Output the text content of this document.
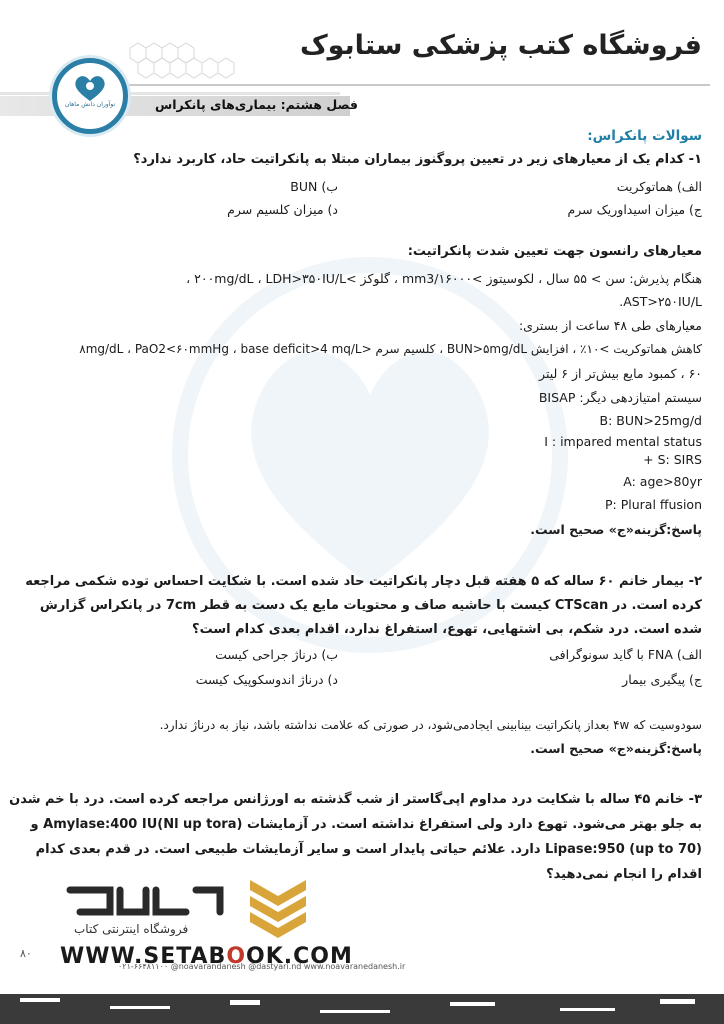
فروشگاه کتب پزشکی ستابوک
فصل هشتم: بیماری‌های پانکراس
نوآوران دانش ماهان
سوالات پانکراس:
۱- کدام یک از معیارهای زیر در تعیین پروگنوز بیماران مبتلا به پانکراتیت حاد، کاربرد ندارد؟
الف) هماتوکریت
ب) BUN
ج) میزان اسیداوریک سرم
د) میزان کلسیم سرم
معیارهای رانسون جهت تعیین شدت پانکراتیت:
هنگام پذیرش: سن > ۵۵ سال ، لکوسیتوز >۱۶۰۰۰/mm3 ، گلوکز >۲۰۰mg/dL ، LDH>۳۵۰IU/L ،
AST>۲۵۰IU/L.
معیارهای طی ۴۸ ساعت از بستری:
کاهش هماتوکریت >۱۰٪ ، افزایش BUN>۵mg/dL ، کلسیم سرم <۸mg/dL ، PaO2<۶۰mmHg ، base deficit>4 mq/L
۶۰ ، کمبود مایع بیش‌تر از ۶ لیتر
سیستم امتیازدهی دیگر: BISAP
B: BUN>25mg/d
I : impared mental status
S: SIRS +
A: age>80yr
P: Plural ffusion
پاسخ:گزینه«ج» صحیح است.
۲- بیمار خانم ۶۰ ساله که ۵ هفته قبل دچار پانکراتیت حاد شده است. با شکایت احساس توده شکمی مراجعه
کرده است. در CTScan کیست با حاشیه صاف و محتویات مایع یک دست به قطر 7cm در پانکراس گزارش
شده است. درد شکم، بی اشتهایی، تهوع، استفراغ ندارد، اقدام بعدی کدام است؟
الف) FNA با گاید سونوگرافی
ب) درناژ جراحی کیست
ج) پیگیری بیمار
د) درناژ اندوسکوپیک کیست
سودوسیت که ۴w بعداز پانکراتیت بینابینی ایجادمی‌شود، در صورتی که علامت نداشته باشد، نیاز به درناژ ندارد.
پاسخ:گزینه«ج» صحیح است.
۳- خانم ۴۵ ساله با شکایت درد مداوم اپی‌گاستر از شب گذشته به اورژانس مراجعه کرده است. درد با خم شدن
به جلو بهتر می‌شود. تهوع دارد ولی استفراغ نداشته است. در آزمایشات Amylase:400 IU(Nl up tora) و
Lipase:950 (up to 70) دارد. علائم حیاتی پایدار است و سایر آزمایشات طبیعی است. در قدم بعدی کدام
اقدام را انجام نمی‌دهید؟
فروشگاه اینترنتی کتاب
WWW.SETABOOK.COM
۸۰
۰۲۱-۶۶۴۸۱۱۰۰ @noavarandanesh @dastyari.nd www.noavaranedanesh.ir
